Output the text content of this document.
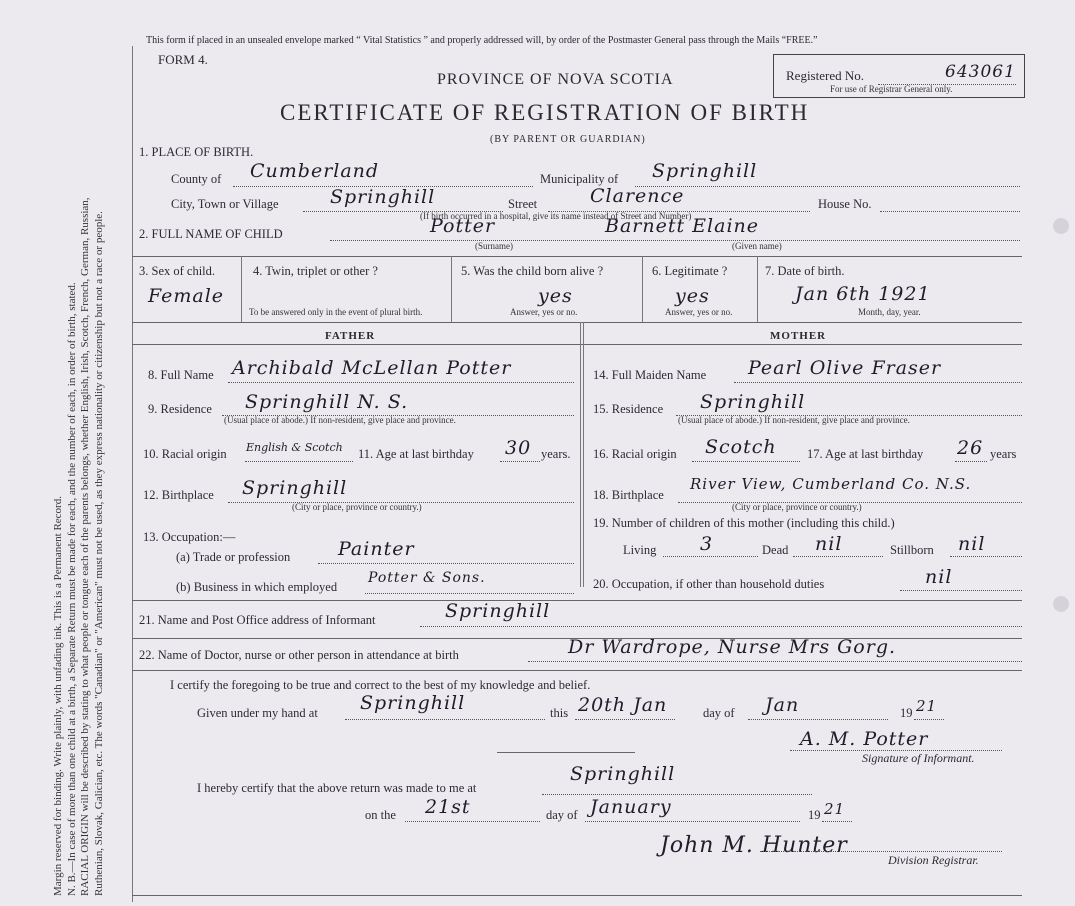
Margin reserved for binding. Write plainly, with unfading ink. This is a Permanent Record. N. B.—In case of more than one child at a birth, a Separate Return must be made for each, and the number of each, in order of birth, stated. RACIAL ORIGIN will be described by stating to what people or tongue each of the parents belongs, whether English, Irish, Scotch, French, German, Russian, Ruthenian, Slovak, Galician, etc. The words "Canadian" or "American" must not be used, as they express nationality or citizenship but not a race or people.
This form if placed in an unsealed envelope marked “ Vital Statistics ” and properly addressed will, by order of the Postmaster General pass through the Mails “FREE.”
FORM 4.
PROVINCE OF NOVA SCOTIA
CERTIFICATE OF REGISTRATION OF BIRTH
(BY PARENT OR GUARDIAN)
Registered No.	643061
For use of Registrar General only.
1. PLACE OF BIRTH.
County of Cumberland	Municipality of Springhill
City, Town or Village	Springhill	Street	Clarence	House No.
(If birth occurred in a hospital, give its name instead of Street and Number)
2. FULL NAME OF CHILD	Potter	Barnett Elaine
(Surname)	(Given name)
3. Sex of child.
Female
4. Twin, triplet or other ?
To be answered only in the event of plural birth.
5. Was the child born alive ?
yes
Answer, yes or no.
6. Legitimate ?
yes
Answer, yes or no.
7. Date of birth.
Jan 6th 1921
Month, day, year.
FATHER	MOTHER
8. Full Name Archibald McLellan Potter
9. Residence Springhill N. S.
(Usual place of abode.) If non-resident, give place and province.
10. Racial origin English & Scotch 11. Age at last birthday 30 years.
12. Birthplace Springhill
(City or place, province or country.)
13. Occupation:—
(a) Trade or profession	Painter
(b) Business in which employed
Potter & Sons.
14. Full Maiden Name Pearl Olive Fraser
15. Residence Springhill
(Usual place of abode.) If non-resident, give place and province.
16. Racial origin Scotch 17. Age at last birthday 26 years
18. Birthplace
River View, Cumberland Co. N.S.
(City or place, province or country.)
19. Number of children of this mother (including this child.)
Living 3	Dead nil	Stillborn nil
20. Occupation, if other than household duties	nil
21. Name and Post Office address of Informant	Springhill
22. Name of Doctor, nurse or other person in attendance at birth	Dr Wardrope, Nurse Mrs Gorg.
I certify the foregoing to be true and correct to the best of my knowledge and belief.
Given under my hand at Springhill	this 20th Jan	day of Jan	19 21
A. M. Potter
Signature of Informant.
I hereby certify that the above return was made to me at
Springhill
on the 21st	day of January	19 21
John M. Hunter
Division Registrar.
